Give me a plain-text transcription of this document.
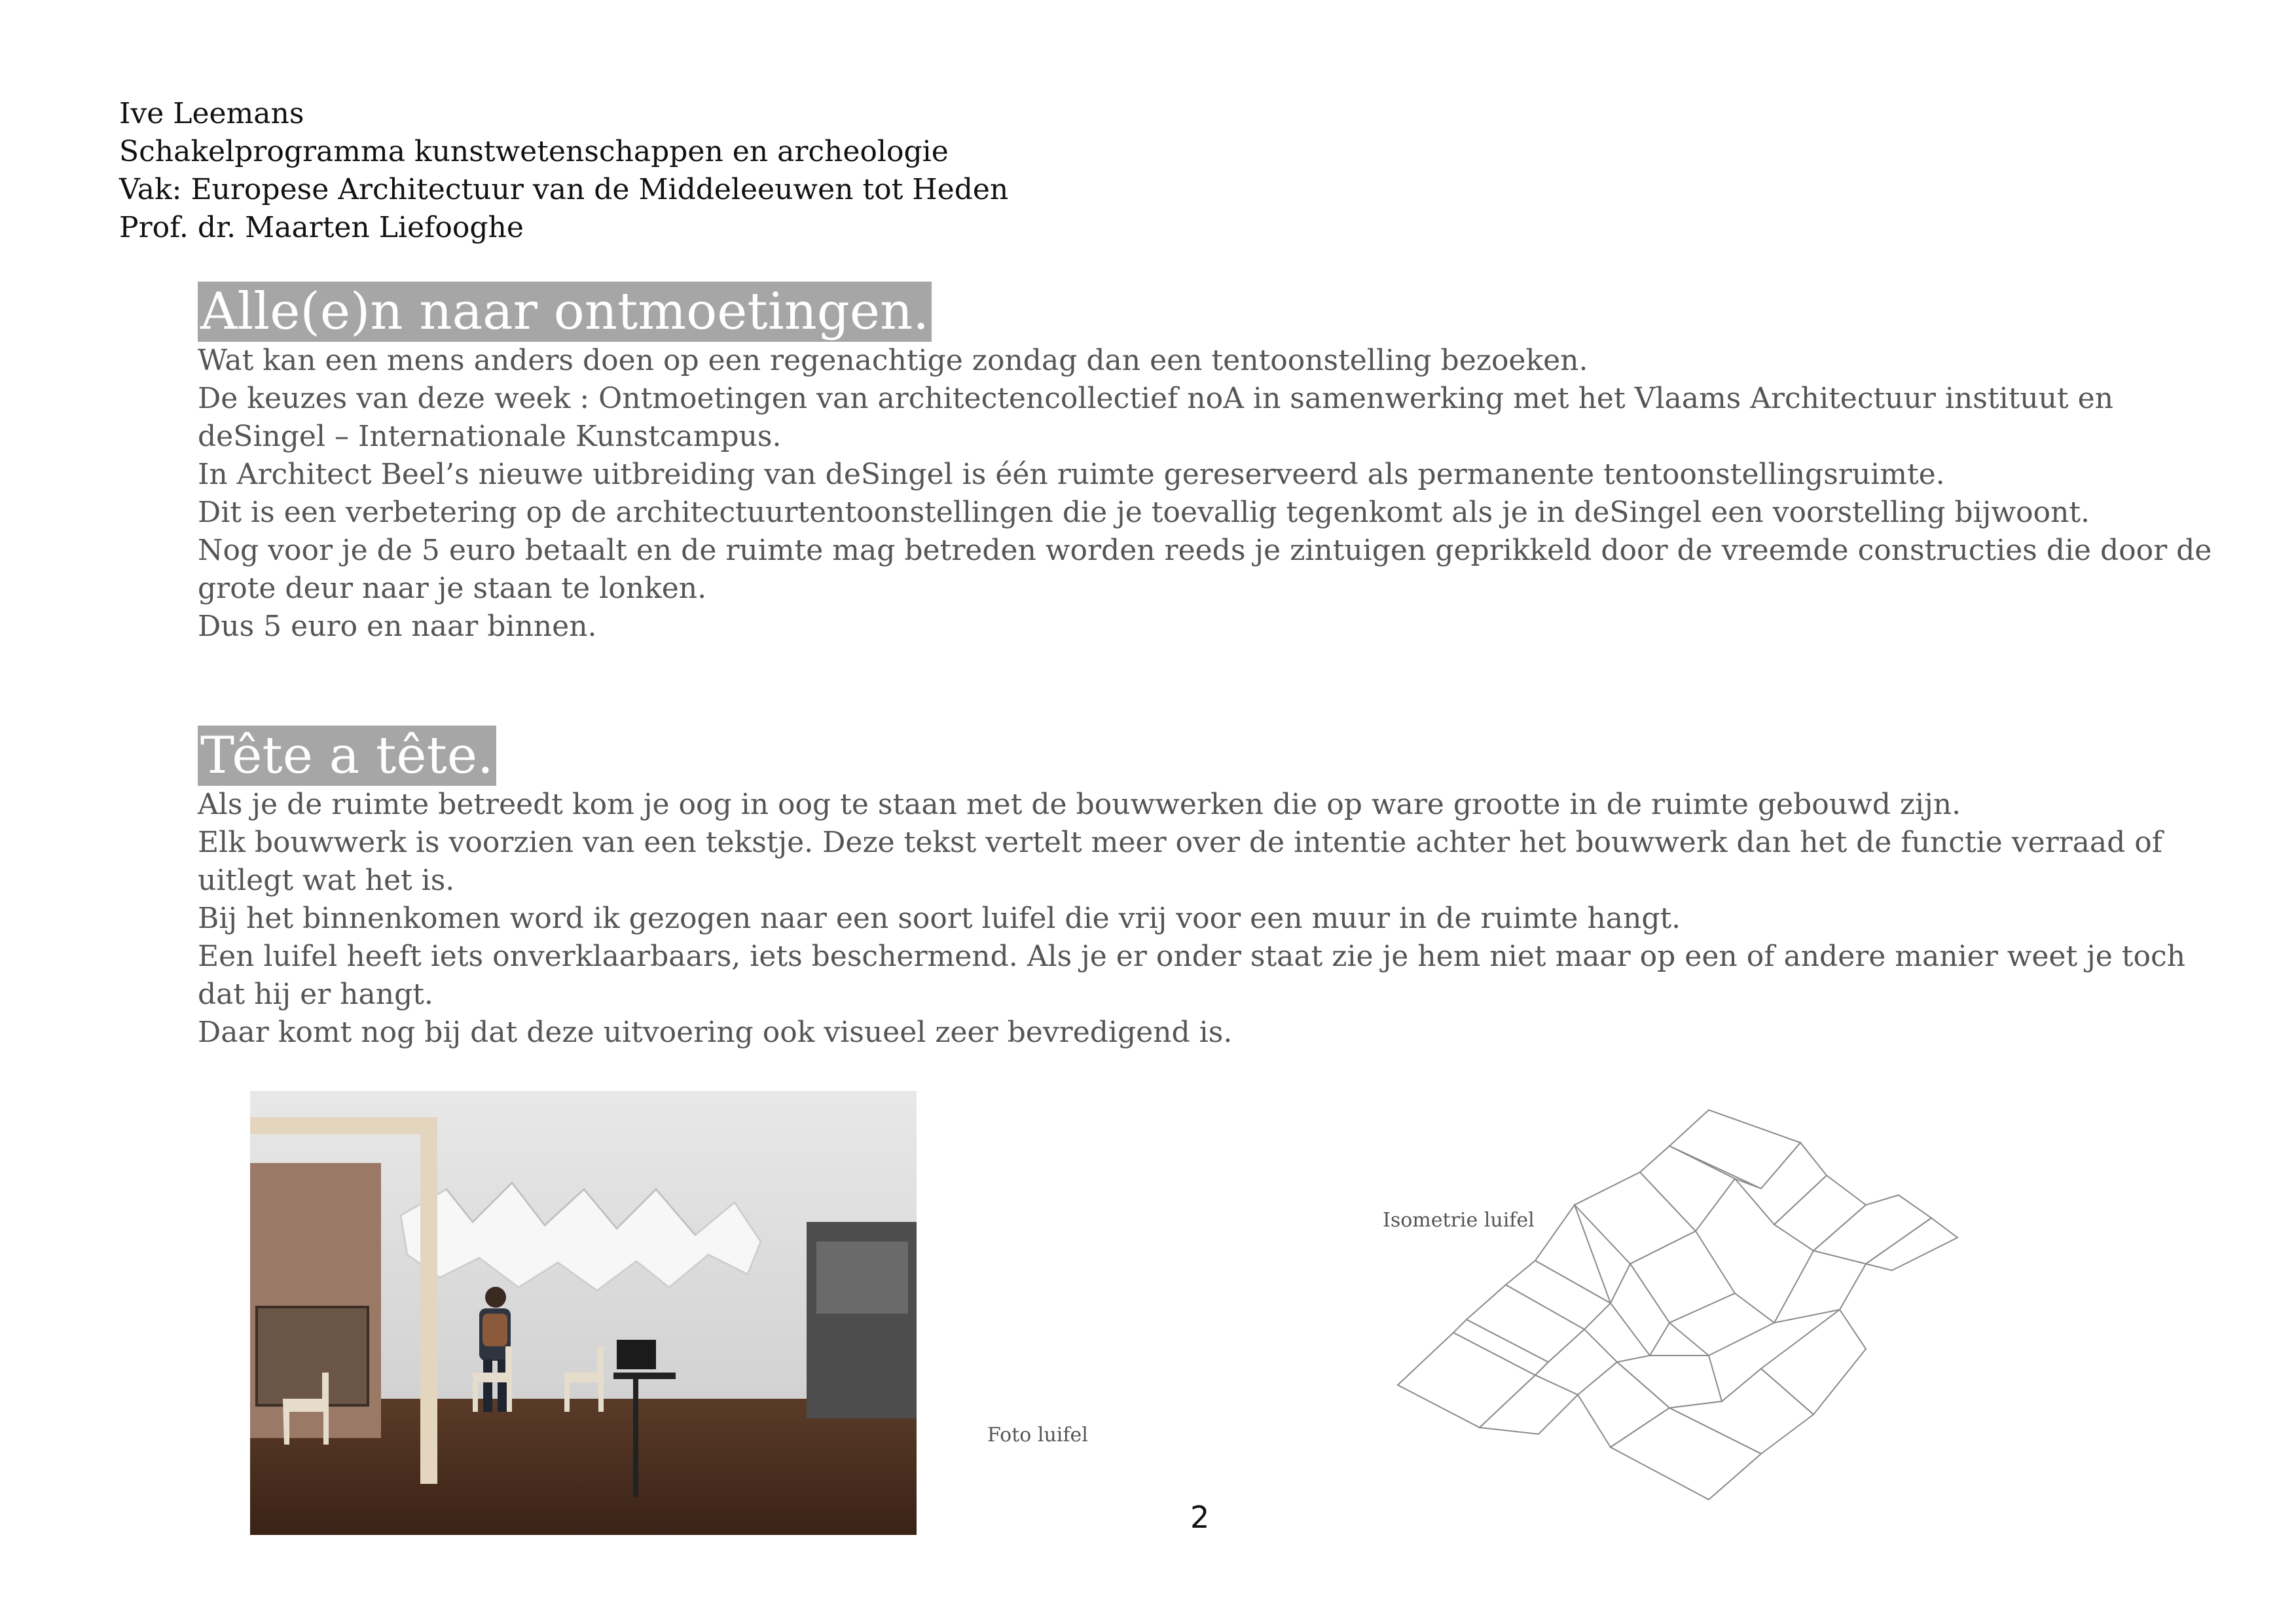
Ive Leemans
Schakelprogramma kunstwetenschappen en archeologie
Vak: Europese Architectuur van de Middeleeuwen tot Heden
Prof. dr. Maarten Liefooghe
Alle(e)n naar ontmoetingen.

Wat kan een mens anders doen op een regenachtige zondag dan een tentoonstelling bezoeken.

De keuzes van deze week : Ontmoetingen van architectencollectief noA in samenwerking met het Vlaams Architectuur instituut en deSingel – Internationale Kunstcampus.

In Architect Beel’s nieuwe uitbreiding van deSingel is één ruimte gereserveerd als permanente tentoonstellingsruimte.

Dit is een verbetering op de architectuurtentoonstellingen die je toevallig tegenkomt als je in deSingel een voorstelling bijwoont.

Nog voor je de 5 euro betaalt en de ruimte mag betreden worden reeds je zintuigen geprikkeld door de vreemde constructies die door de grote deur naar je staan te lonken.

Dus 5 euro en naar binnen.

Tête a tête.

Als je de ruimte betreedt kom je oog in oog te staan met de bouwwerken die op ware grootte in de ruimte gebouwd zijn.

Elk bouwwerk is voorzien van een tekstje. Deze tekst vertelt meer over de intentie achter het bouwwerk dan het de functie verraad of uitlegt wat het is.

Bij het binnenkomen word ik gezogen naar een soort luifel die vrij voor een muur in de ruimte hangt.

Een luifel heeft iets onverklaarbaars, iets beschermend. Als je er onder staat zie je hem niet maar op een of andere manier weet je toch dat hij er hangt.

Daar komt nog bij dat deze uitvoering ook visueel zeer bevredigend is.

Foto luifel
Isometrie luifel
2
